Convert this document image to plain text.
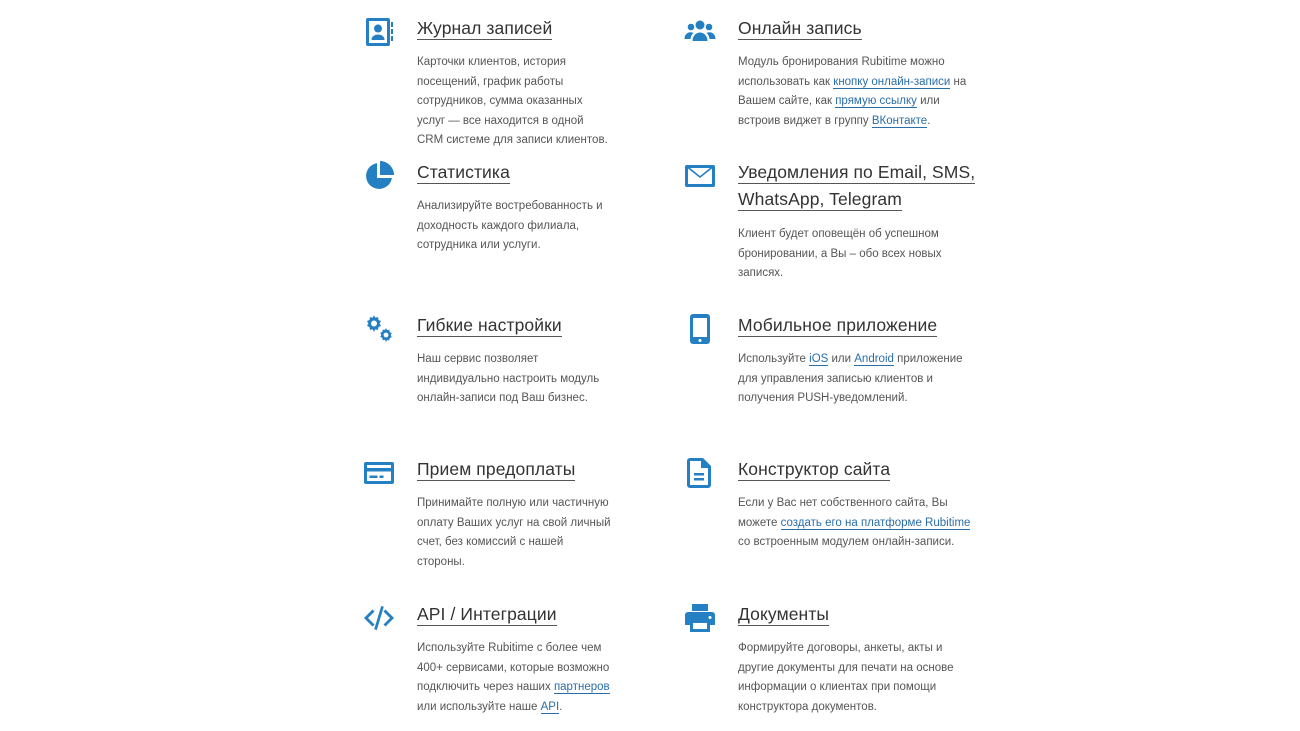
Журнал записей
Карточки клиентов, история посещений, график работы сотрудников, сумма оказанных услуг — все находится в одной CRM системе для записи клиентов.
Онлайн запись
Модуль бронирования Rubitime можно использовать как кнопку онлайн-записи на Вашем сайте, как прямую ссылку или встроив виджет в группу ВКонтакте.
Статистика
Анализируйте востребованность и доходность каждого филиала, сотрудника или услуги.
Уведомления по Email, SMS, WhatsApp, Telegram
Клиент будет оповещён об успешном бронировании, а Вы – обо всех новых записях.
Гибкие настройки
Наш сервис позволяет индивидуально настроить модуль онлайн-записи под Ваш бизнес.
Мобильное приложение
Используйте iOS или Android приложение для управления записью клиентов и получения PUSH-уведомлений.
Прием предоплаты
Принимайте полную или частичную оплату Ваших услуг на свой личный счет, без комиссий с нашей стороны.
Конструктор сайта
Если у Вас нет собственного сайта, Вы можете создать его на платформе Rubitime со встроенным модулем онлайн-записи.
API / Интеграции
Используйте Rubitime с более чем 400+ сервисами, которые возможно подключить через наших партнеров или используйте наше API.
Документы
Формируйте договоры, анкеты, акты и другие документы для печати на основе информации о клиентах при помощи конструктора документов.
